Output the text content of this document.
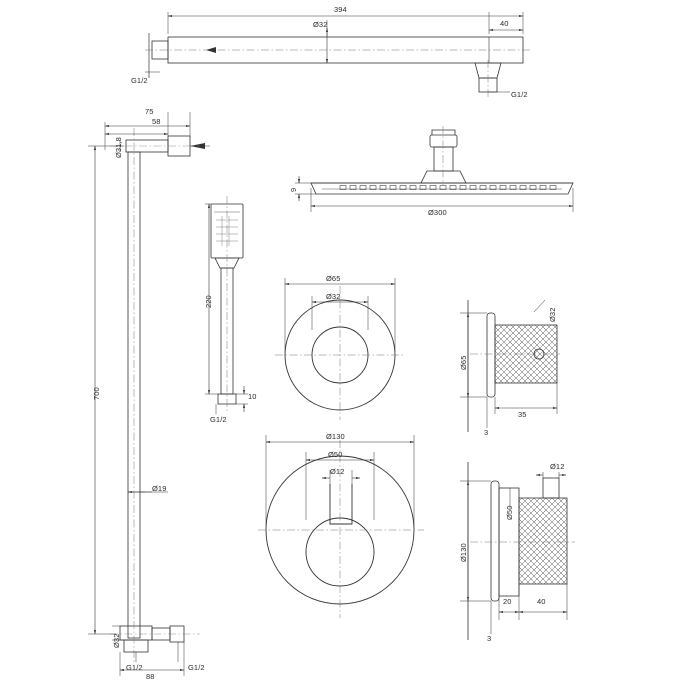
394
Ø32	40
G1/2
G1/2
75
58
Ø31,8
700
Ø19
Ø32
G1/2	G1/2
88
9
Ø300
220
10
G1/2
Ø65
Ø32
Ø32
Ø65
35
3
Ø130
Ø50
Ø12
Ø12
Ø50
Ø130
20	40
3
